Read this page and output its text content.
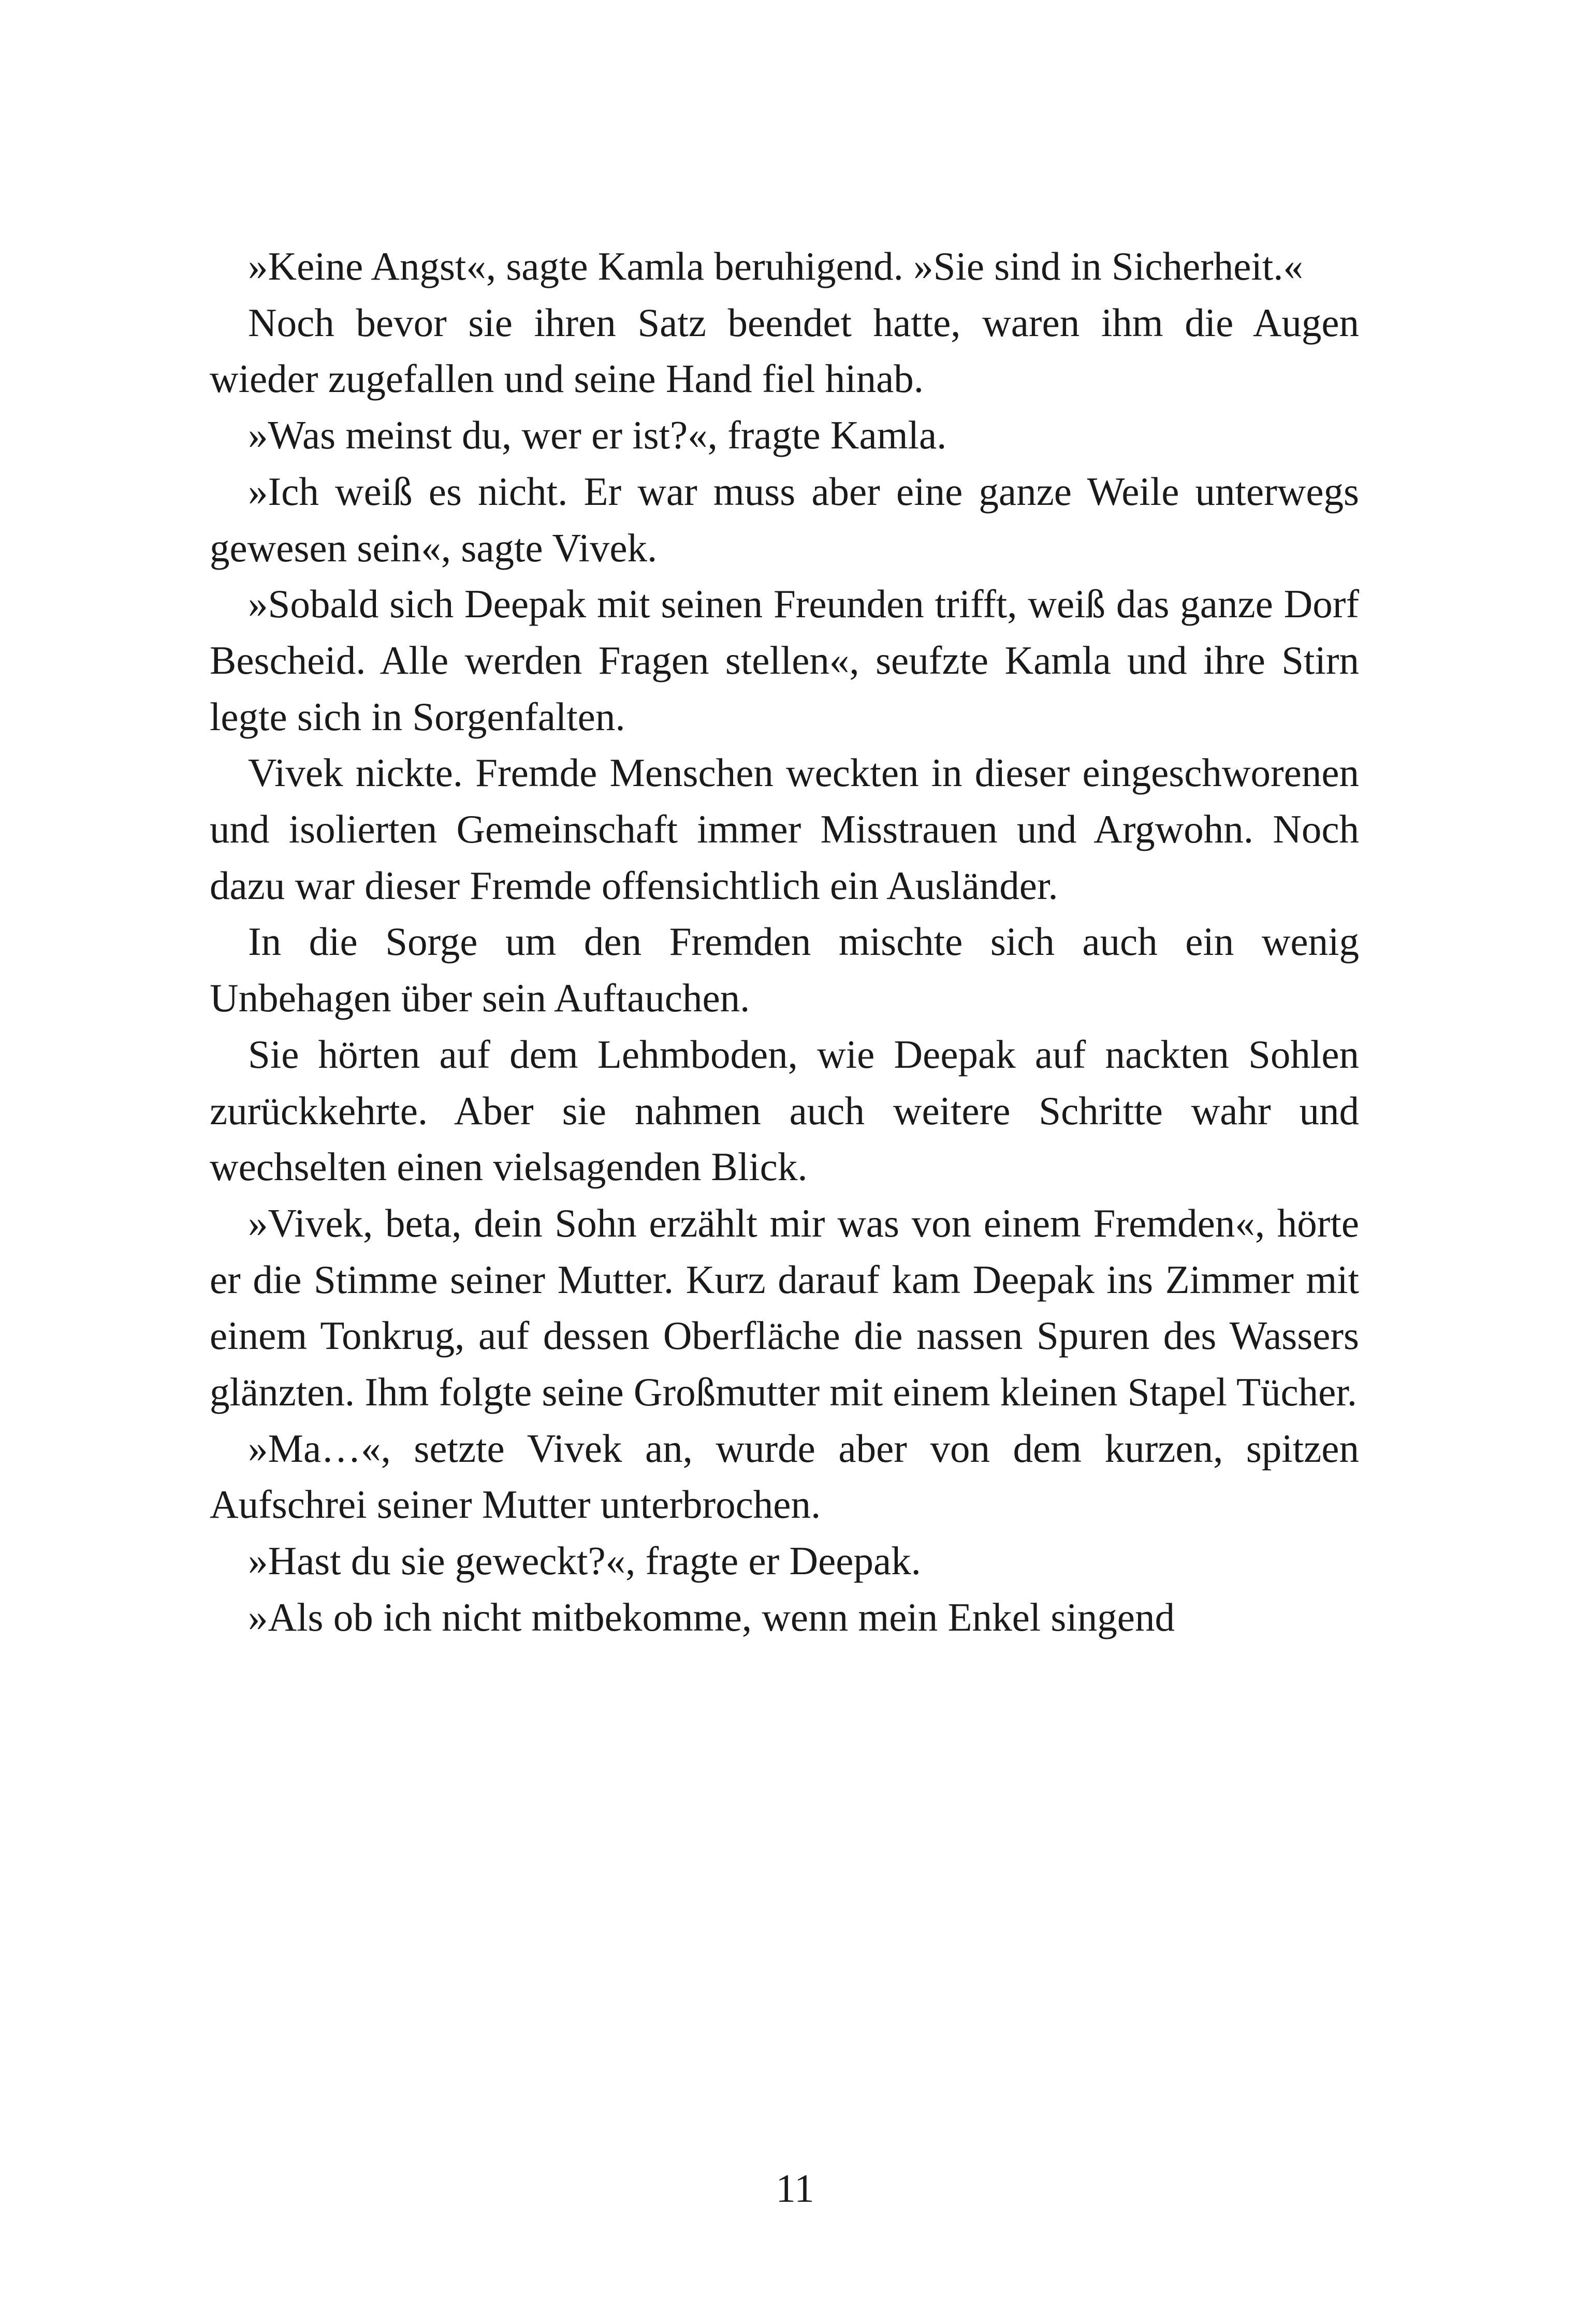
»Keine Angst«, sagte Kamla beruhigend. »Sie sind in Sicherheit.«

Noch bevor sie ihren Satz beendet hatte, waren ihm die Augen wieder zugefallen und seine Hand fiel hinab.

»Was meinst du, wer er ist?«, fragte Kamla.

»Ich weiß es nicht. Er war muss aber eine ganze Weile unterwegs gewesen sein«, sagte Vivek.

»Sobald sich Deepak mit seinen Freunden trifft, weiß das ganze Dorf Bescheid. Alle werden Fragen stellen«, seufzte Kamla und ihre Stirn legte sich in Sorgenfalten.

Vivek nickte. Fremde Menschen weckten in dieser eingeschworenen und isolierten Gemeinschaft immer Misstrauen und Argwohn. Noch dazu war dieser Fremde offensichtlich ein Ausländer.

In die Sorge um den Fremden mischte sich auch ein wenig Unbehagen über sein Auftauchen.

Sie hörten auf dem Lehmboden, wie Deepak auf nackten Sohlen zurückkehrte. Aber sie nahmen auch weitere Schritte wahr und wechselten einen vielsagenden Blick.

»Vivek, beta, dein Sohn erzählt mir was von einem Fremden«, hörte er die Stimme seiner Mutter. Kurz darauf kam Deepak ins Zimmer mit einem Tonkrug, auf dessen Oberfläche die nassen Spuren des Wassers glänzten. Ihm folgte seine Großmutter mit einem kleinen Stapel Tücher.

»Ma…«, setzte Vivek an, wurde aber von dem kurzen, spitzen Aufschrei seiner Mutter unterbrochen.

»Hast du sie geweckt?«, fragte er Deepak.

»Als ob ich nicht mitbekomme, wenn mein Enkel singend

11
